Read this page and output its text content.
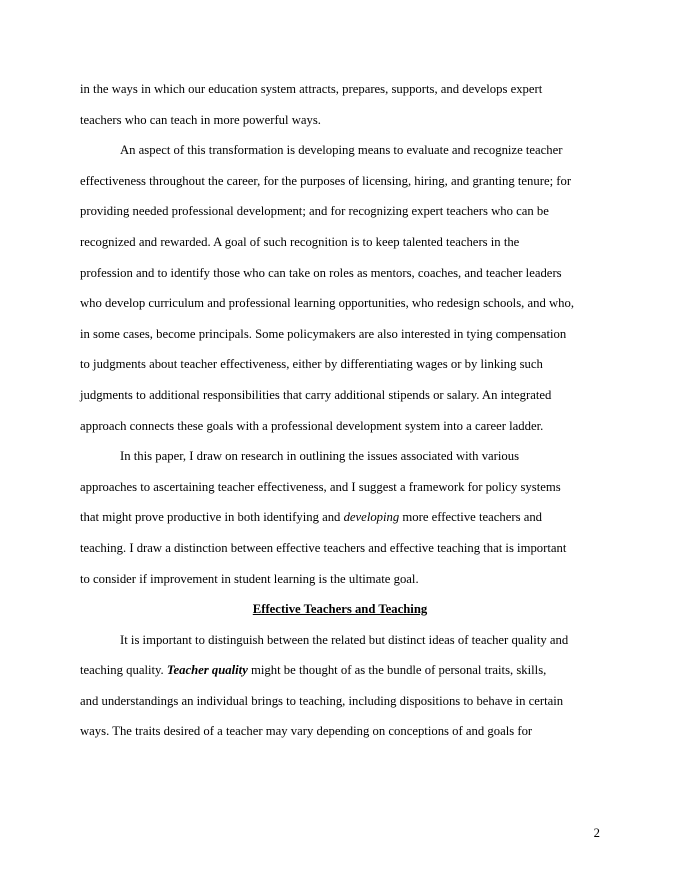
in the ways in which our education system attracts, prepares, supports, and develops expert
teachers who can teach in more powerful ways.
An aspect of this transformation is developing means to evaluate and recognize teacher
effectiveness throughout the career, for the purposes of licensing, hiring, and granting tenure; for
providing needed professional development; and for recognizing expert teachers who can be
recognized and rewarded. A goal of such recognition is to keep talented teachers in the
profession and to identify those who can take on roles as mentors, coaches, and teacher leaders
who develop curriculum and professional learning opportunities, who redesign schools, and who,
in some cases, become principals. Some policymakers are also interested in tying compensation
to judgments about teacher effectiveness, either by differentiating wages or by linking such
judgments to additional responsibilities that carry additional stipends or salary. An integrated
approach connects these goals with a professional development system into a career ladder.
In this paper, I draw on research in outlining the issues associated with various
approaches to ascertaining teacher effectiveness, and I suggest a framework for policy systems
that might prove productive in both identifying and developing more effective teachers and
teaching. I draw a distinction between effective teachers and effective teaching that is important
to consider if improvement in student learning is the ultimate goal.
Effective Teachers and Teaching
It is important to distinguish between the related but distinct ideas of teacher quality and
teaching quality. Teacher quality might be thought of as the bundle of personal traits, skills,
and understandings an individual brings to teaching, including dispositions to behave in certain
ways. The traits desired of a teacher may vary depending on conceptions of and goals for
2
